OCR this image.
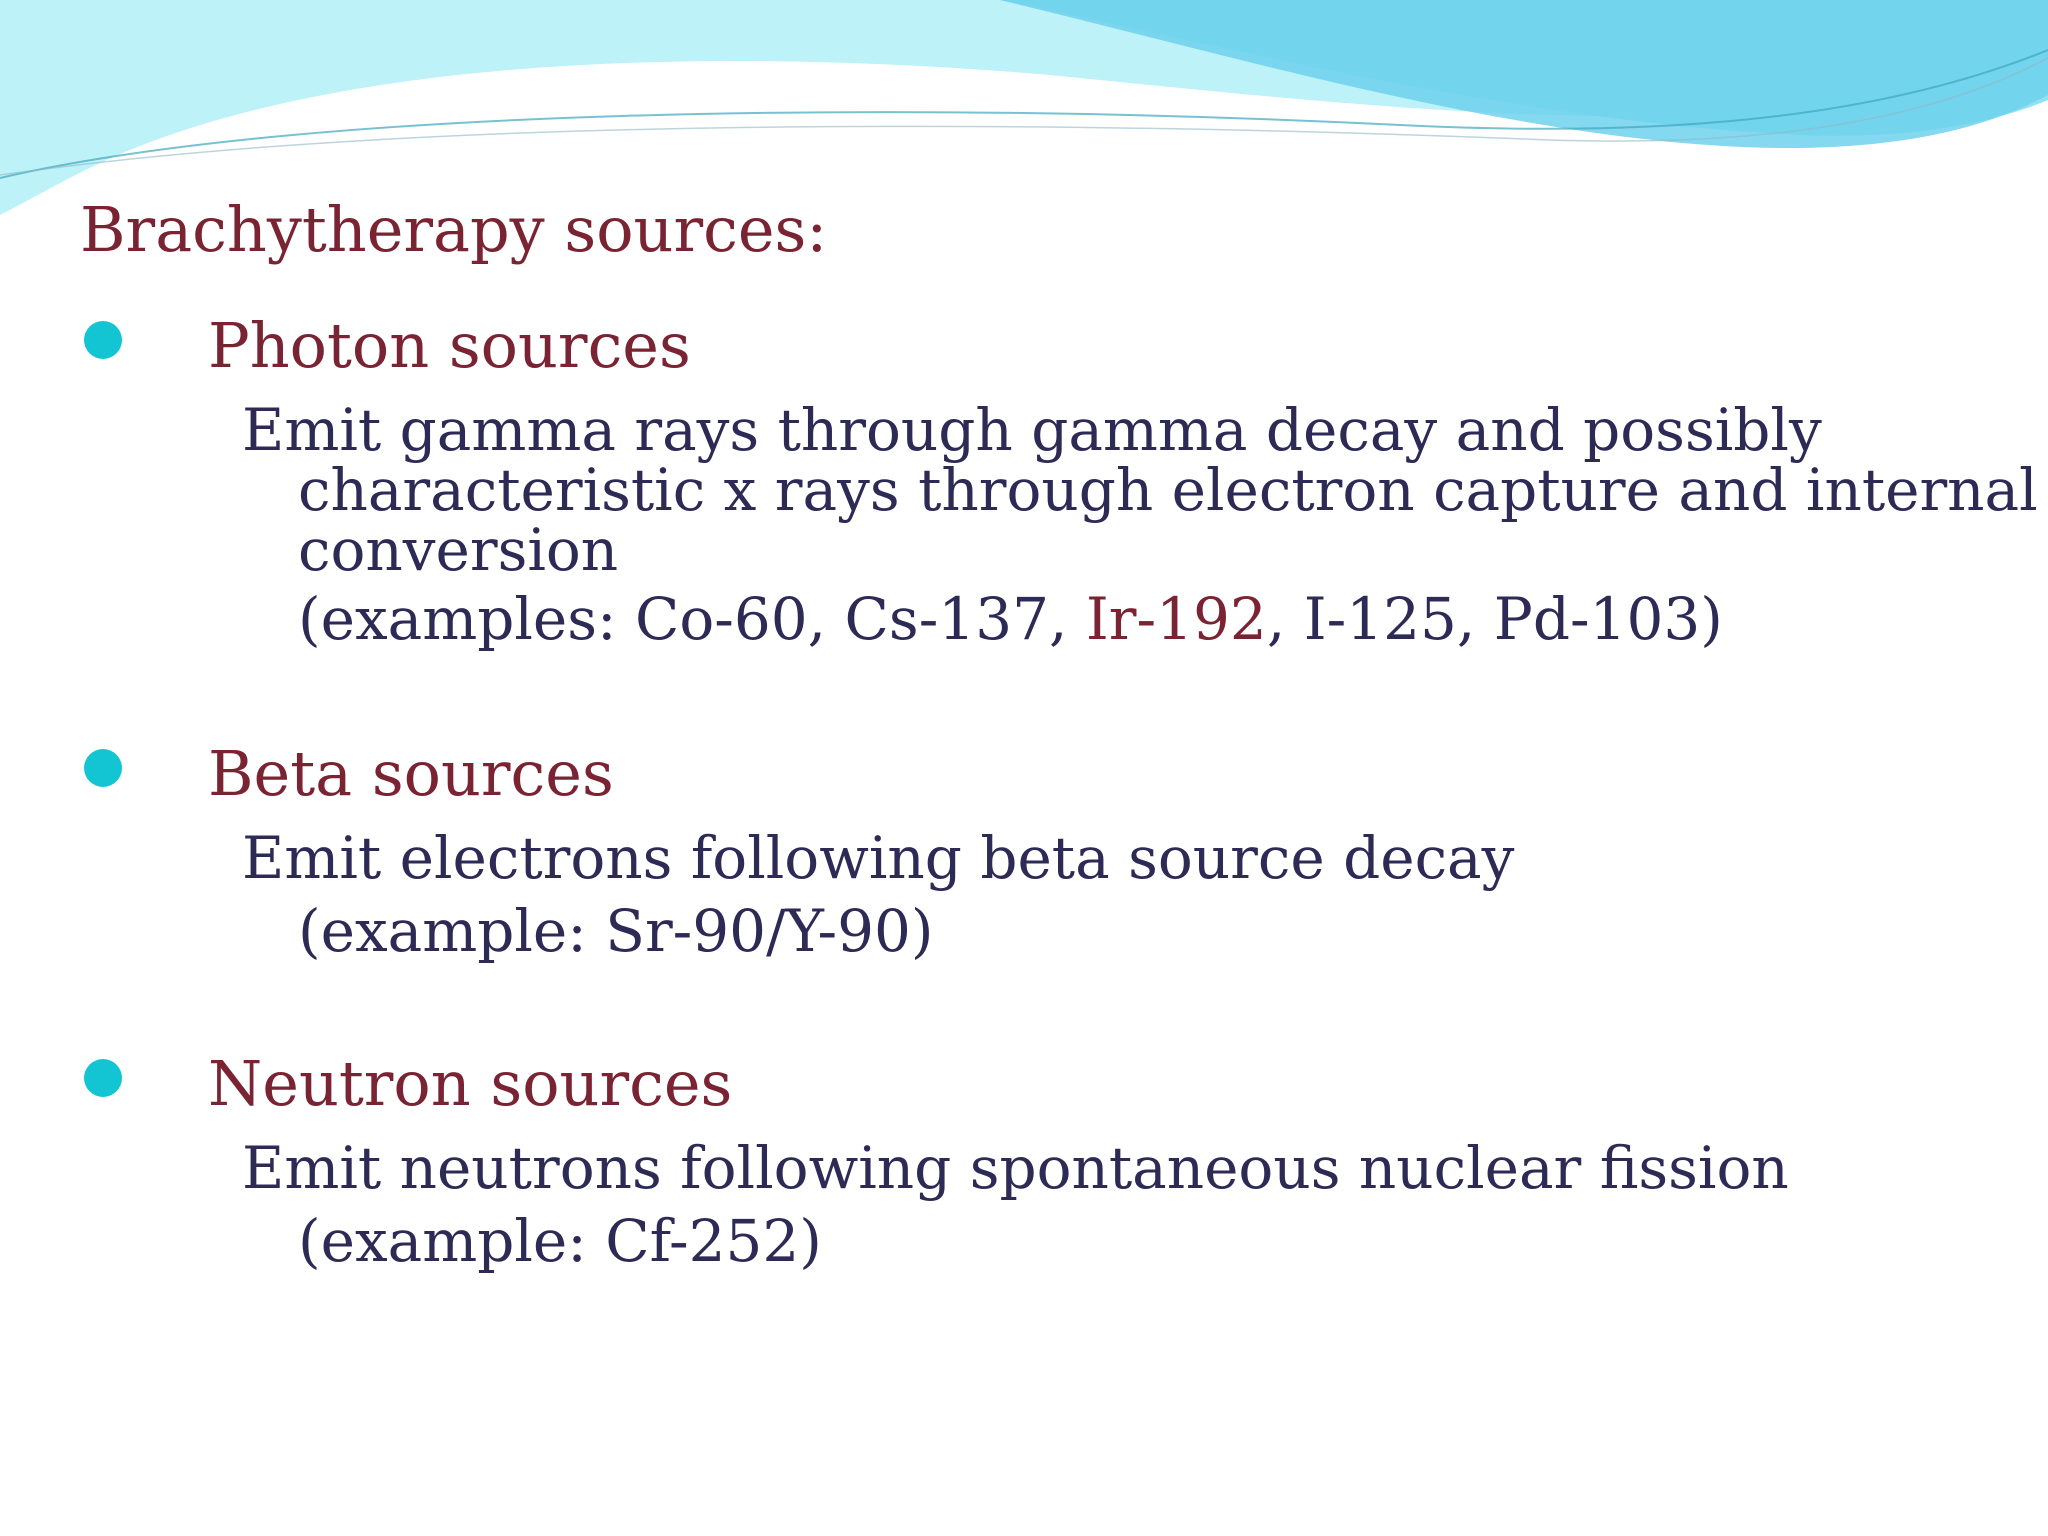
Brachytherapy sources:
Photon sources
Emit gamma rays through gamma decay and possibly
characteristic x rays through electron capture and internal
conversion
(examples: Co-60, Cs-137, Ir-192, I-125, Pd-103)
Beta sources
Emit electrons following beta source decay
(example: Sr-90/Y-90)
Neutron sources
Emit neutrons following spontaneous nuclear fission
(example: Cf-252)
